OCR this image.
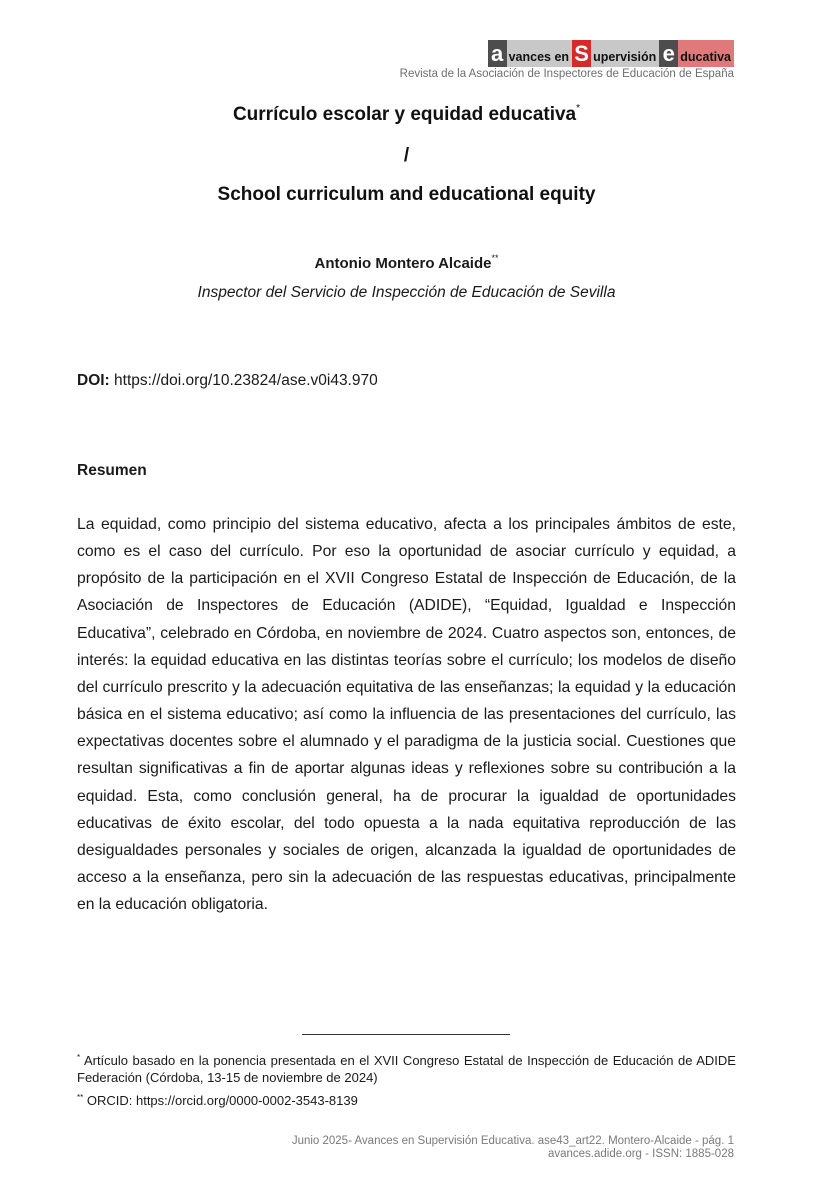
a vances en S upervisión e ducativa
Revista de la Asociación de Inspectores de Educación de España
Currículo escolar y equidad educativa*
/
School curriculum and educational equity
Antonio Montero Alcaide**
Inspector del Servicio de Inspección de Educación de Sevilla
DOI: https://doi.org/10.23824/ase.v0i43.970
Resumen

La equidad, como principio del sistema educativo, afecta a los principales ámbitos de este, como es el caso del currículo. Por eso la oportunidad de asociar currículo y equidad, a propósito de la participación en el XVII Congreso Estatal de Inspección de Educación, de la Asociación de Inspectores de Educación (ADIDE), “Equidad, Igualdad e Inspección Educativa”, celebrado en Córdoba, en noviembre de 2024. Cuatro aspectos son, entonces, de interés: la equidad educativa en las distintas teorías sobre el currículo; los modelos de diseño del currículo prescrito y la adecuación equitativa de las enseñanzas; la equidad y la educación básica en el sistema educativo; así como la influencia de las presentaciones del currículo, las expectativas docentes sobre el alumnado y el paradigma de la justicia social. Cuestiones que resultan significativas a fin de aportar algunas ideas y reflexiones sobre su contribución a la equidad. Esta, como conclusión general, ha de procurar la igualdad de oportunidades educativas de éxito escolar, del todo opuesta a la nada equitativa reproducción de las desigualdades personales y sociales de origen, alcanzada la igualdad de oportunidades de acceso a la enseñanza, pero sin la adecuación de las respuestas educativas, principalmente en la educación obligatoria.

* Artículo basado en la ponencia presentada en el XVII Congreso Estatal de Inspección de Educación de ADIDE Federación (Córdoba, 13-15 de noviembre de 2024)
** ORCID: https://orcid.org/0000-0002-3543-8139
Junio 2025- Avances en Supervisión Educativa. ase43_art22. Montero-Alcaide - pág. 1
avances.adide.org - ISSN: 1885-028
